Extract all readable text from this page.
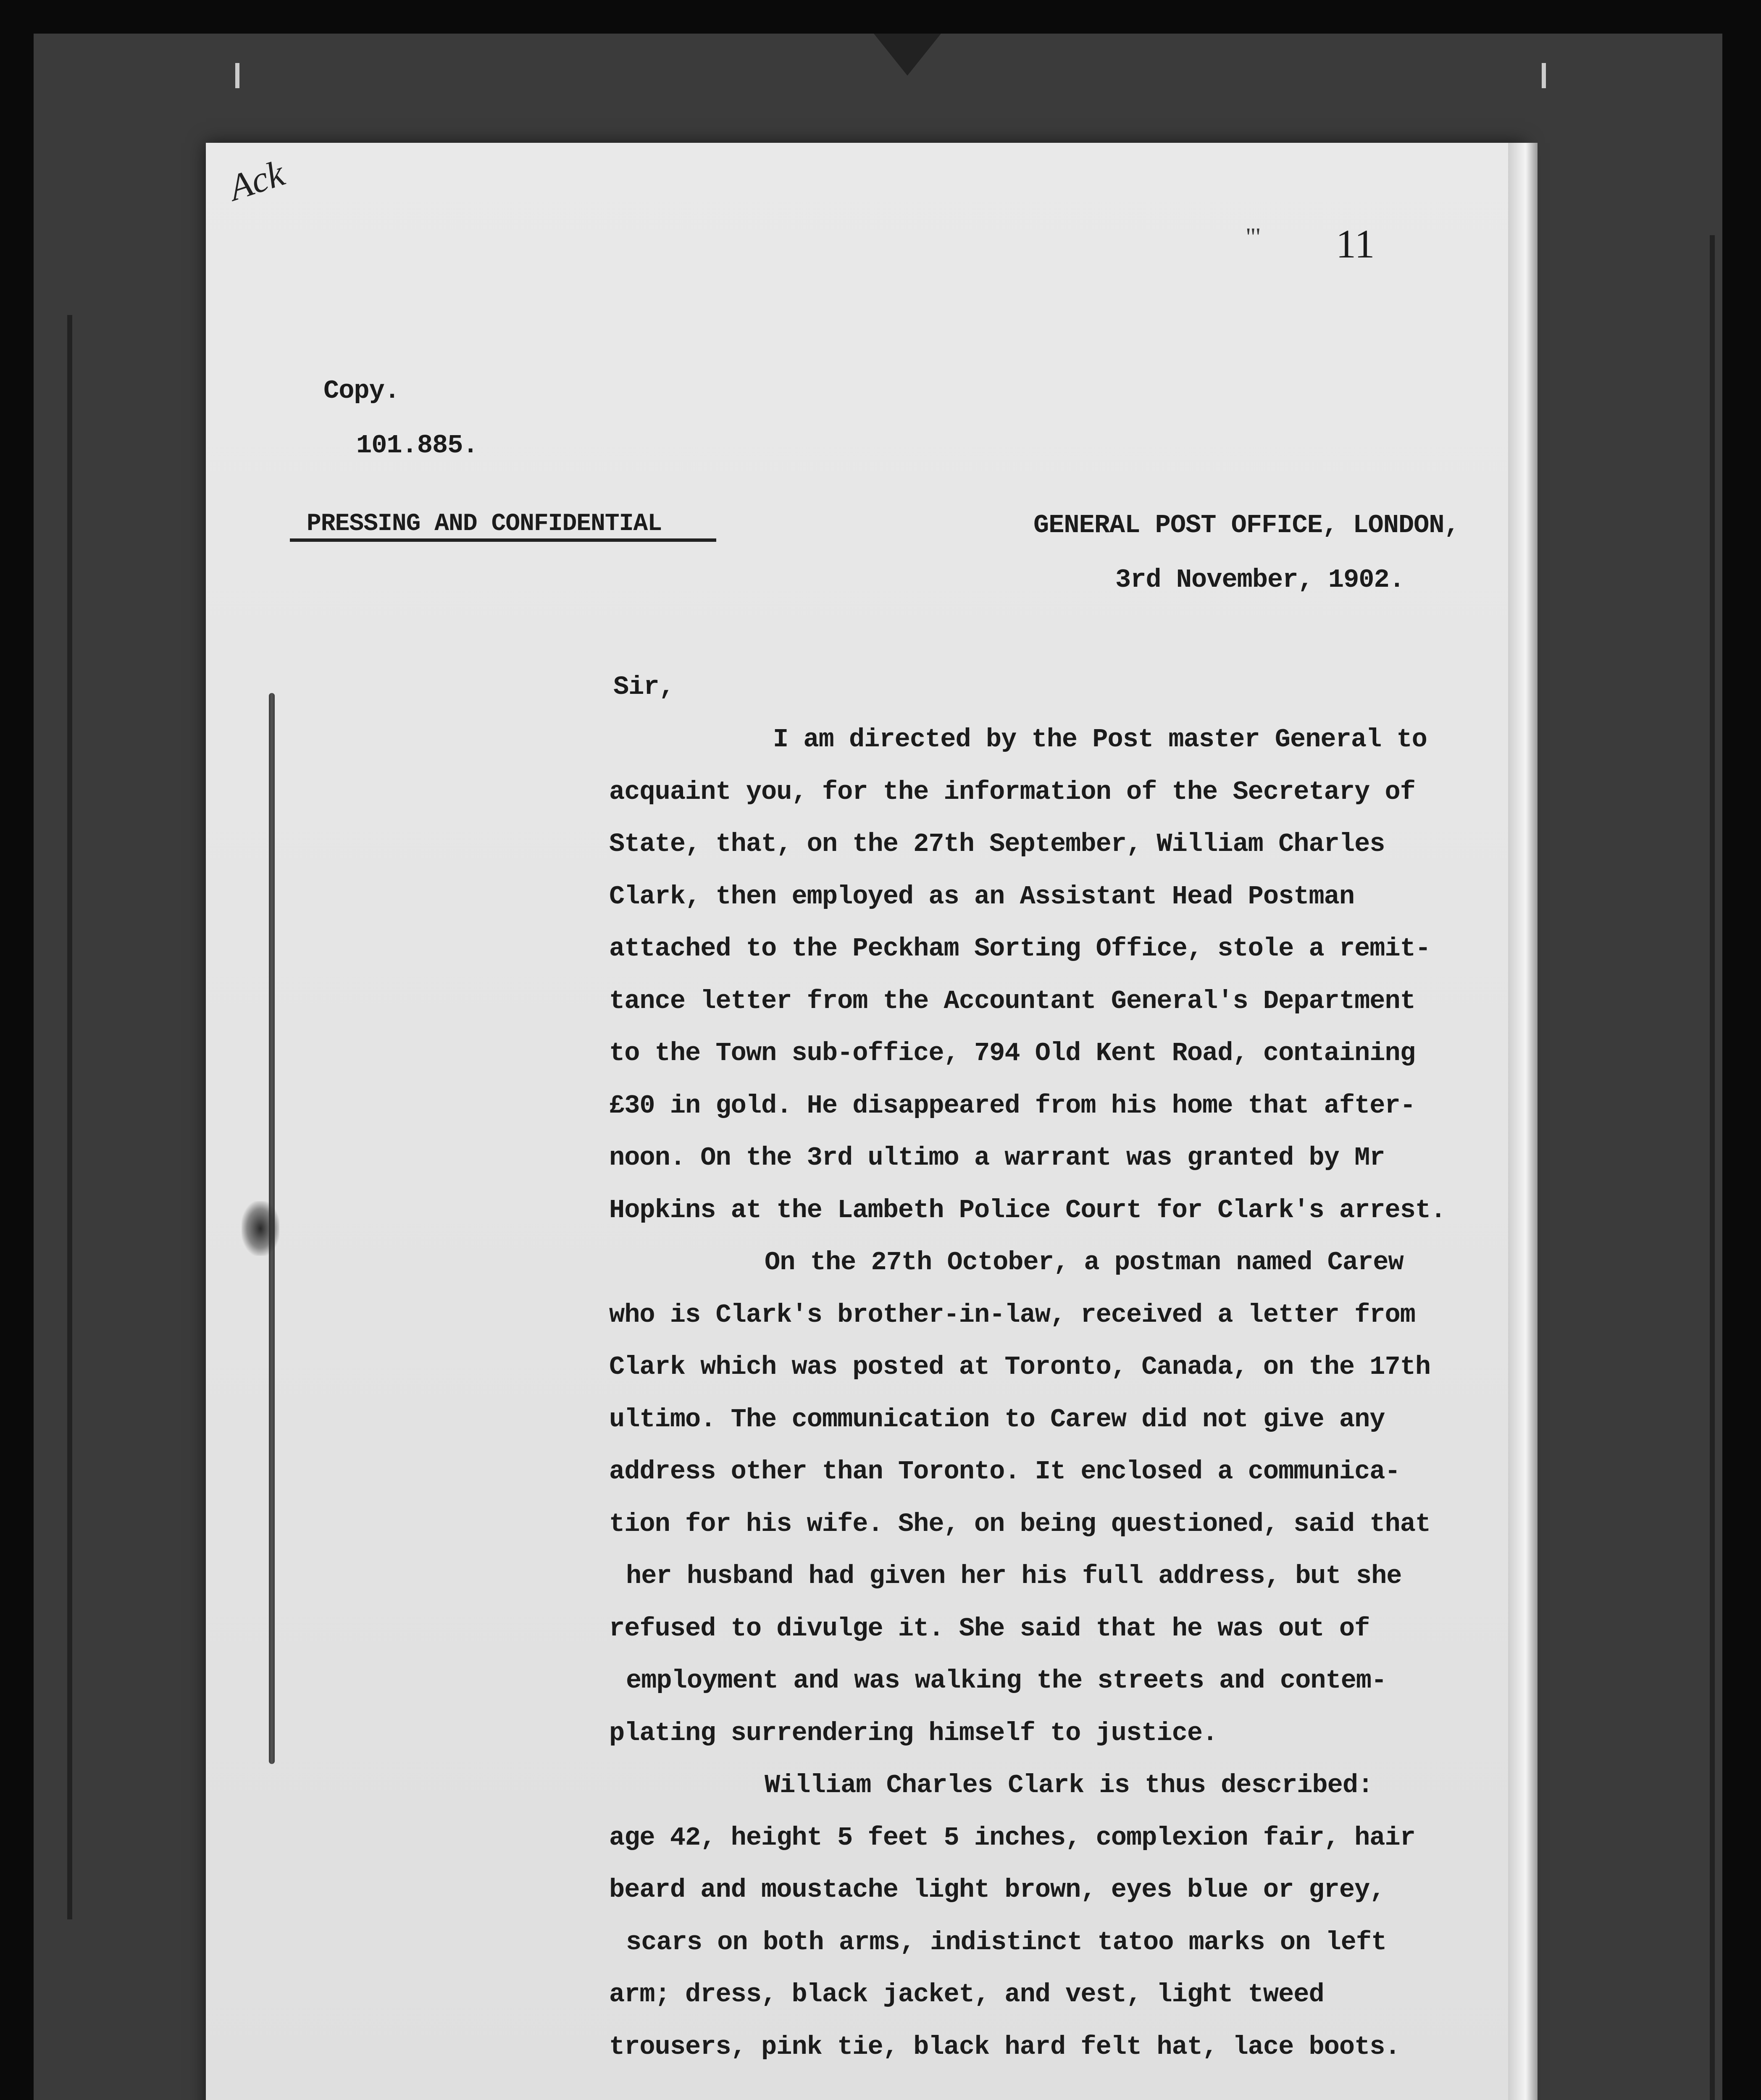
Ack
"' 11
Copy.
101.885.
PRESSING AND CONFIDENTIAL	GENERAL POST OFFICE, LONDON,
3rd November, 1902.
Sir,
I am directed by the Post master General to
acquaint you, for the information of the Secretary of
State, that, on the 27th September, William Charles
Clark, then employed as an Assistant Head Postman
attached to the Peckham Sorting Office, stole a remit-
tance letter from the Accountant General's Department
to the Town sub-office, 794 Old Kent Road, containing
£30 in gold. He disappeared from his home that after-
noon. On the 3rd ultimo a warrant was granted by Mr
Hopkins at the Lambeth Police Court for Clark's arrest.
On the 27th October, a postman named Carew
who is Clark's brother-in-law, received a letter from
Clark which was posted at Toronto, Canada, on the 17th
ultimo. The communication to Carew did not give any
address other than Toronto. It enclosed a communica-
tion for his wife. She, on being questioned, said that
her husband had given her his full address, but she
refused to divulge it. She said that he was out of
employment and was walking the streets and contem-
plating surrendering himself to justice.
William Charles Clark is thus described:
age 42, height 5 feet 5 inches, complexion fair, hair
beard and moustache light brown, eyes blue or grey,
scars on both arms, indistinct tatoo marks on left
arm; dress, black jacket, and vest, light tweed
trousers, pink tie, black hard felt hat, lace boots.
